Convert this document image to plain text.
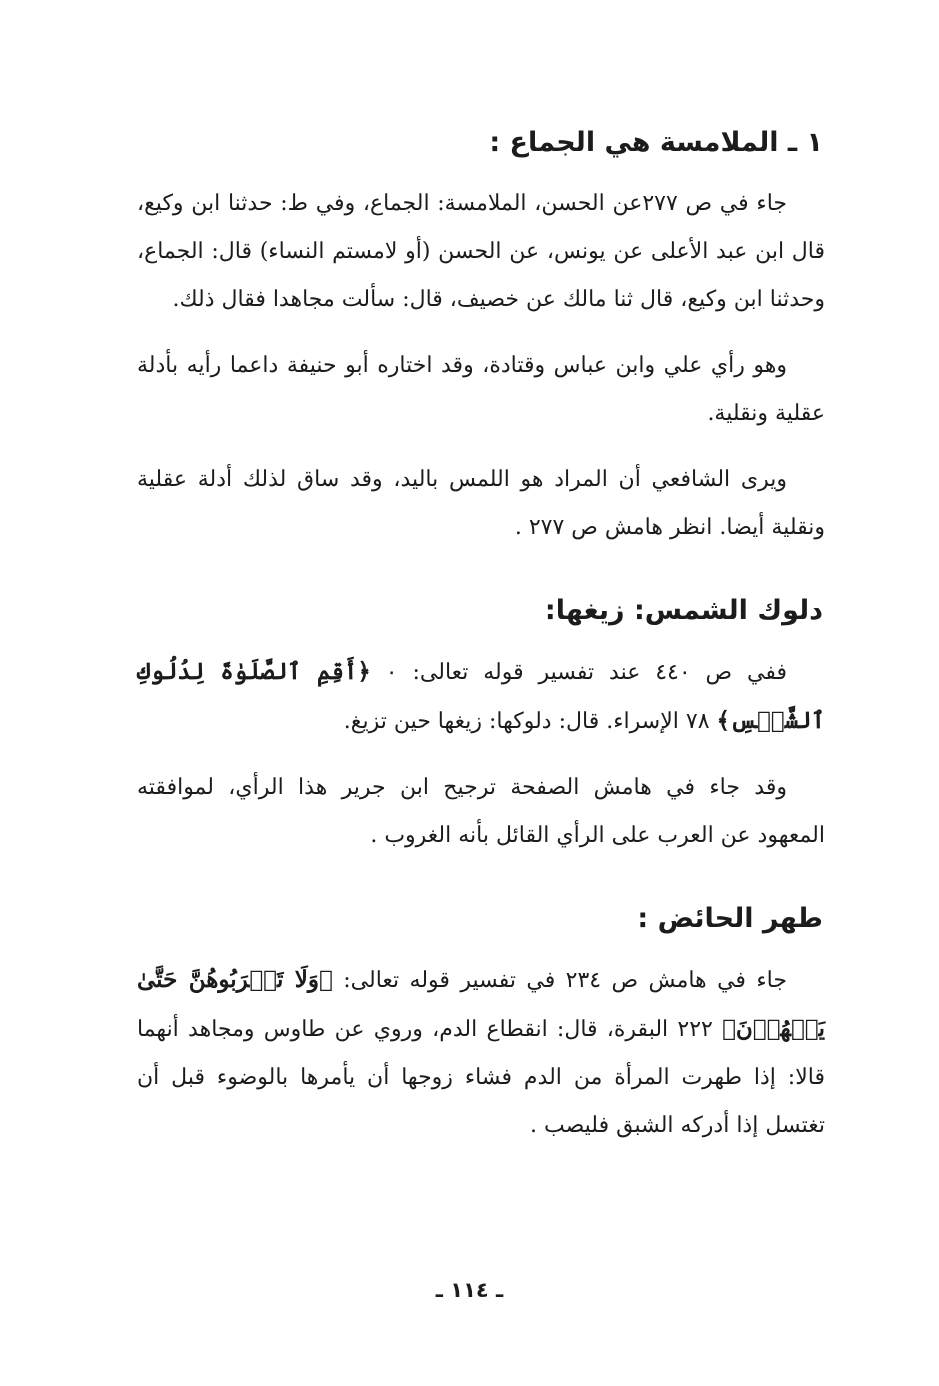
١ ـ الملامسة هي الجماع :

جاء في ص ٢٧٧عن الحسن، الملامسة: الجماع، وفي ط: حدثنا ابن وكيع، قال ابن عبد الأعلى عن يونس، عن الحسن (أو لامستم النساء) قال: الجماع، وحدثنا ابن وكيع، قال ثنا مالك عن خصيف، قال: سألت مجاهدا فقال ذلك.

وهو رأي علي وابن عباس وقتادة، وقد اختاره أبو حنيفة داعما رأيه بأدلة عقلية ونقلية.

ويرى الشافعي أن المراد هو اللمس باليد، وقد ساق لذلك أدلة عقلية ونقلية أيضا. انظر هامش ص ٢٧٧ .

دلوك الشمس: زيغها:

ففي ص ٤٤٠ عند تفسير قوله تعالى: ٠ ﴿أَقِمِ ٱلصَّلَوٰةَ لِدُلُوكِ ٱلشَّمۡسِ﴾ ٧٨ الإسراء. قال: دلوكها: زيغها حين تزيغ.

وقد جاء في هامش الصفحة ترجيح ابن جرير هذا الرأي، لموافقته المعهود عن العرب على الرأي القائل بأنه الغروب .

طهر الحائض :

جاء في هامش ص ٢٣٤ في تفسير قوله تعالى: ﴿وَلَا تَقۡرَبُوهُنَّ حَتَّىٰ يَطۡهُرۡنَ﴾ ٢٢٢ البقرة، قال: انقطاع الدم، وروي عن طاوس ومجاهد أنهما قالا: إذا طهرت المرأة من الدم فشاء زوجها أن يأمرها بالوضوء قبل أن تغتسل إذا أدركه الشبق فليصب .

ـ ١١٤ ـ
